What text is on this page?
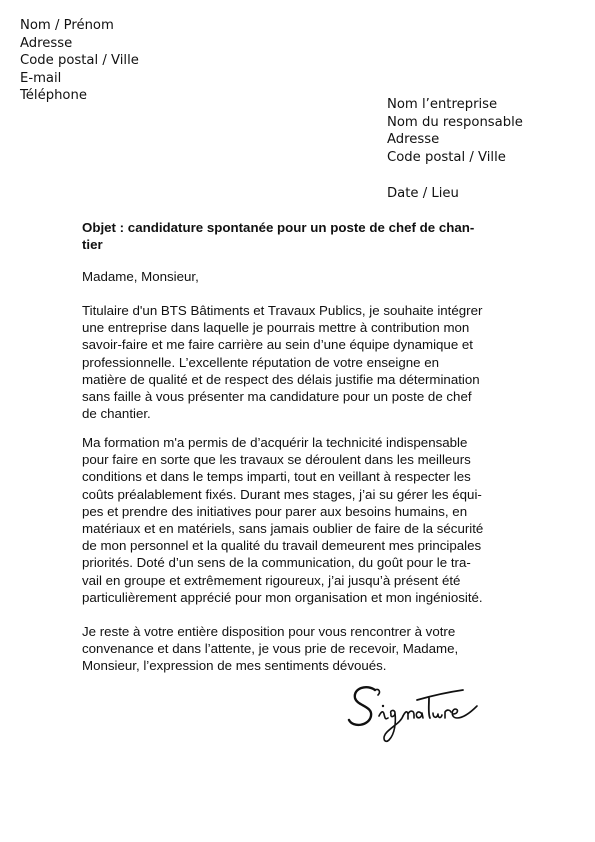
Nom / Prénom
Adresse
Code postal / Ville
E-mail
Téléphone
Nom l’entreprise
Nom du responsable
Adresse
Code postal / Ville
Date / Lieu
Objet : candidature spontanée pour un poste de chef de chan-
tier
Madame, Monsieur,
Titulaire d'un BTS Bâtiments et Travaux Publics, je souhaite intégrer
une entreprise dans laquelle je pourrais mettre à contribution mon
savoir-faire et me faire carrière au sein d’une équipe dynamique et
professionnelle. L’excellente réputation de votre enseigne en
matière de qualité et de respect des délais justifie ma détermination
sans faille à vous présenter ma candidature pour un poste de chef
de chantier.
Ma formation m'a permis de d’acquérir la technicité indispensable
pour faire en sorte que les travaux se déroulent dans les meilleurs
conditions et dans le temps imparti, tout en veillant à respecter les
coûts préalablement fixés. Durant mes stages, j’ai su gérer les équi-
pes et prendre des initiatives pour parer aux besoins humains, en
matériaux et en matériels, sans jamais oublier de faire de la sécurité
de mon personnel et la qualité du travail demeurent mes principales
priorités. Doté d’un sens de la communication, du goût pour le tra-
vail en groupe et extrêmement rigoureux, j’ai jusqu’à présent été
particulièrement apprécié pour mon organisation et mon ingéniosité.
Je reste à votre entière disposition pour vous rencontrer à votre
convenance et dans l’attente, je vous prie de recevoir, Madame,
Monsieur, l’expression de mes sentiments dévoués.
